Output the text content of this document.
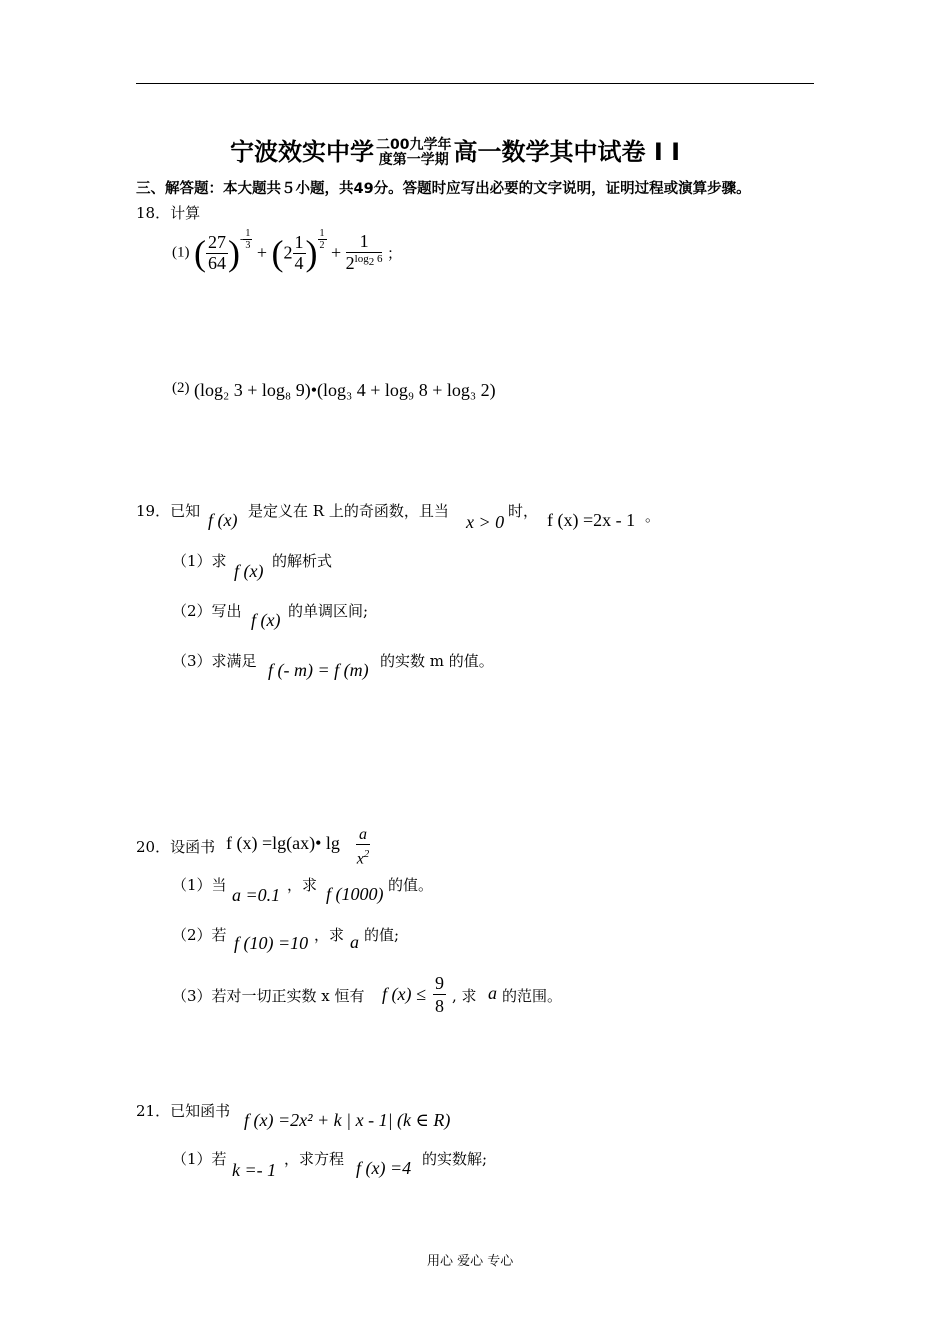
宁波效实中学 二00九学年
度第一学期 高一数学其中试卷 I I
三、解答题：本大题共５小题，共49分。答题时应写出必要的文字说明，证明过程或演算步骤。
18．计算
(1) ( $\frac{27}{64}$ )- $\frac{1}{3}$
+ ($2 \frac{1}{4}$ ) $\frac{1}{2}$
+ $\frac{1}{2^{log_2 6}}$ ；
$^{(2)}$ (log₂ 3 + log₈ 9)•(log₃ 4 + log₉ 8 + log₃ 2)
19．已知 f (x) 是定义在 R 上的奇函数，且当
x > 0
时， f (x) =2x - 1 。
（1）求 f (x) 的解析式
（2）写出 f (x) 的单调区间;
（3）求满足 f (- m) = f (m) 的实数 m 的值。
20．设函书 f (x) =lg(ax)• $\lg \frac{a}{x^2}$
（1）当 a =0.1 ，求 f (1000) 的值。
（2）若 f (10) =10 ，求 a 的值;
（3）若对一切正实数 x 恒有 f $(x) \le \frac{9}{8}$ , 求 a 的范围。
21．已知函书 f (x) =2x² + k | x - 1| (k ∈ R)
（1）若
k =- 1
，求方程 f (x) =4 的实数解;
用心 爱心 专心
